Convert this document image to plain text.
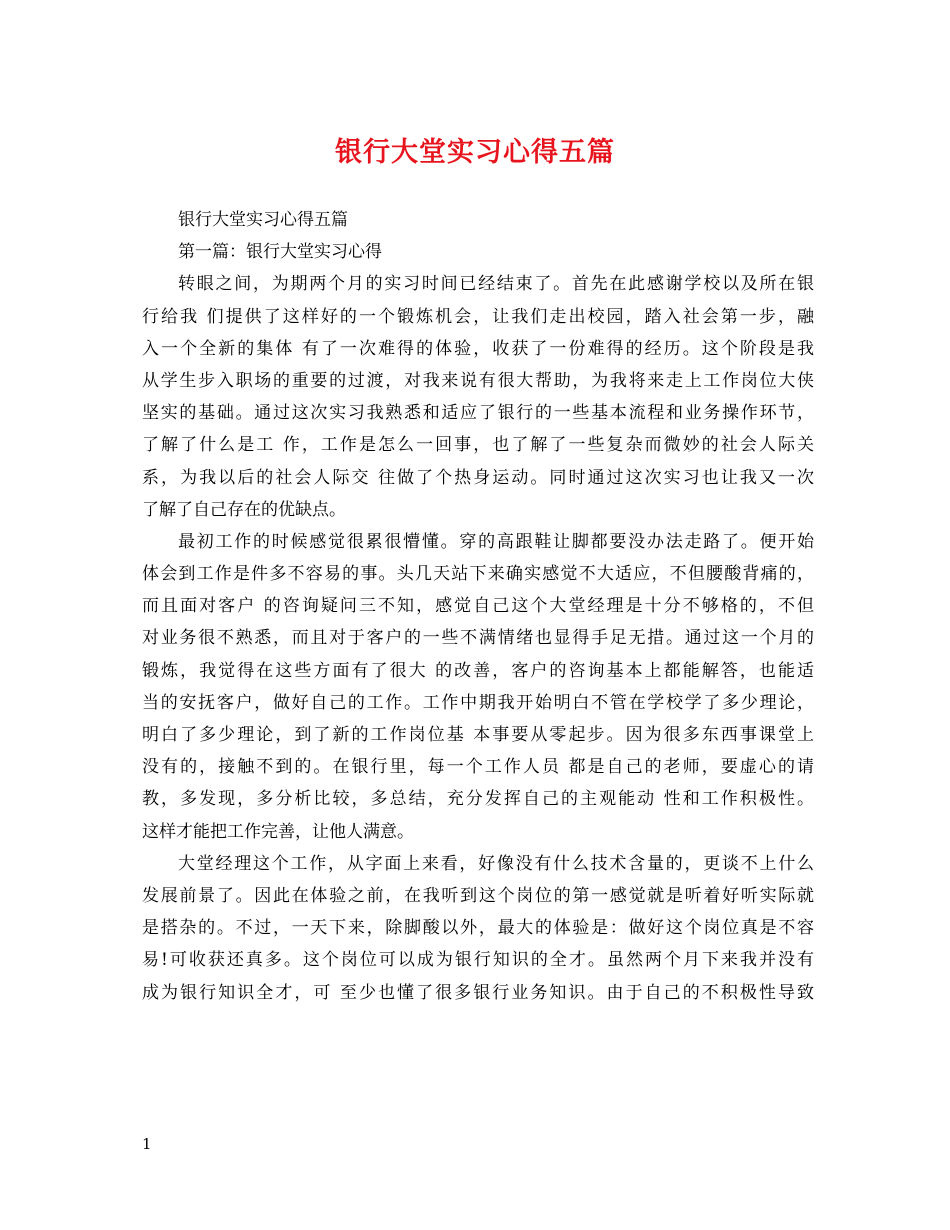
银行大堂实习心得五篇
银行大堂实习心得五篇
第一篇：银行大堂实习心得
转眼之间，为期两个月的实习时间已经结束了。首先在此感谢学校以及所在银
行给我 们提供了这样好的一个锻炼机会，让我们走出校园，踏入社会第一步，融
入一个全新的集体 有了一次难得的体验，收获了一份难得的经历。这个阶段是我
从学生步入职场的重要的过渡，对我来说有很大帮助，为我将来走上工作岗位大侠
坚实的基础。通过这次实习我熟悉和适应了银行的一些基本流程和业务操作环节，
了解了什么是工 作，工作是怎么一回事，也了解了一些复杂而微妙的社会人际关
系，为我以后的社会人际交 往做了个热身运动。同时通过这次实习也让我又一次
了解了自己存在的优缺点。
最初工作的时候感觉很累很懵懂。穿的高跟鞋让脚都要没办法走路了。便开始
体会到工作是件多不容易的事。头几天站下来确实感觉不大适应，不但腰酸背痛的，
而且面对客户 的咨询疑问三不知，感觉自己这个大堂经理是十分不够格的，不但
对业务很不熟悉，而且对于客户的一些不满情绪也显得手足无措。通过这一个月的
锻炼，我觉得在这些方面有了很大 的改善，客户的咨询基本上都能解答，也能适
当的安抚客户，做好自己的工作。工作中期我开始明白不管在学校学了多少理论，
明白了多少理论，到了新的工作岗位基 本事要从零起步。因为很多东西事课堂上
没有的，接触不到的。在银行里，每一个工作人员 都是自己的老师，要虚心的请
教，多发现，多分析比较，多总结，充分发挥自己的主观能动 性和工作积极性。
这样才能把工作完善，让他人满意。
大堂经理这个工作，从字面上来看，好像没有什么技术含量的，更谈不上什么
发展前景了。因此在体验之前，在我听到这个岗位的第一感觉就是听着好听实际就
是搭杂的。不过，一天下来，除脚酸以外，最大的体验是：做好这个岗位真是不容
易!可收获还真多。这个岗位可以成为银行知识的全才。虽然两个月下来我并没有
成为银行知识全才，可 至少也懂了很多银行业务知识。由于自己的不积极性导致
1
